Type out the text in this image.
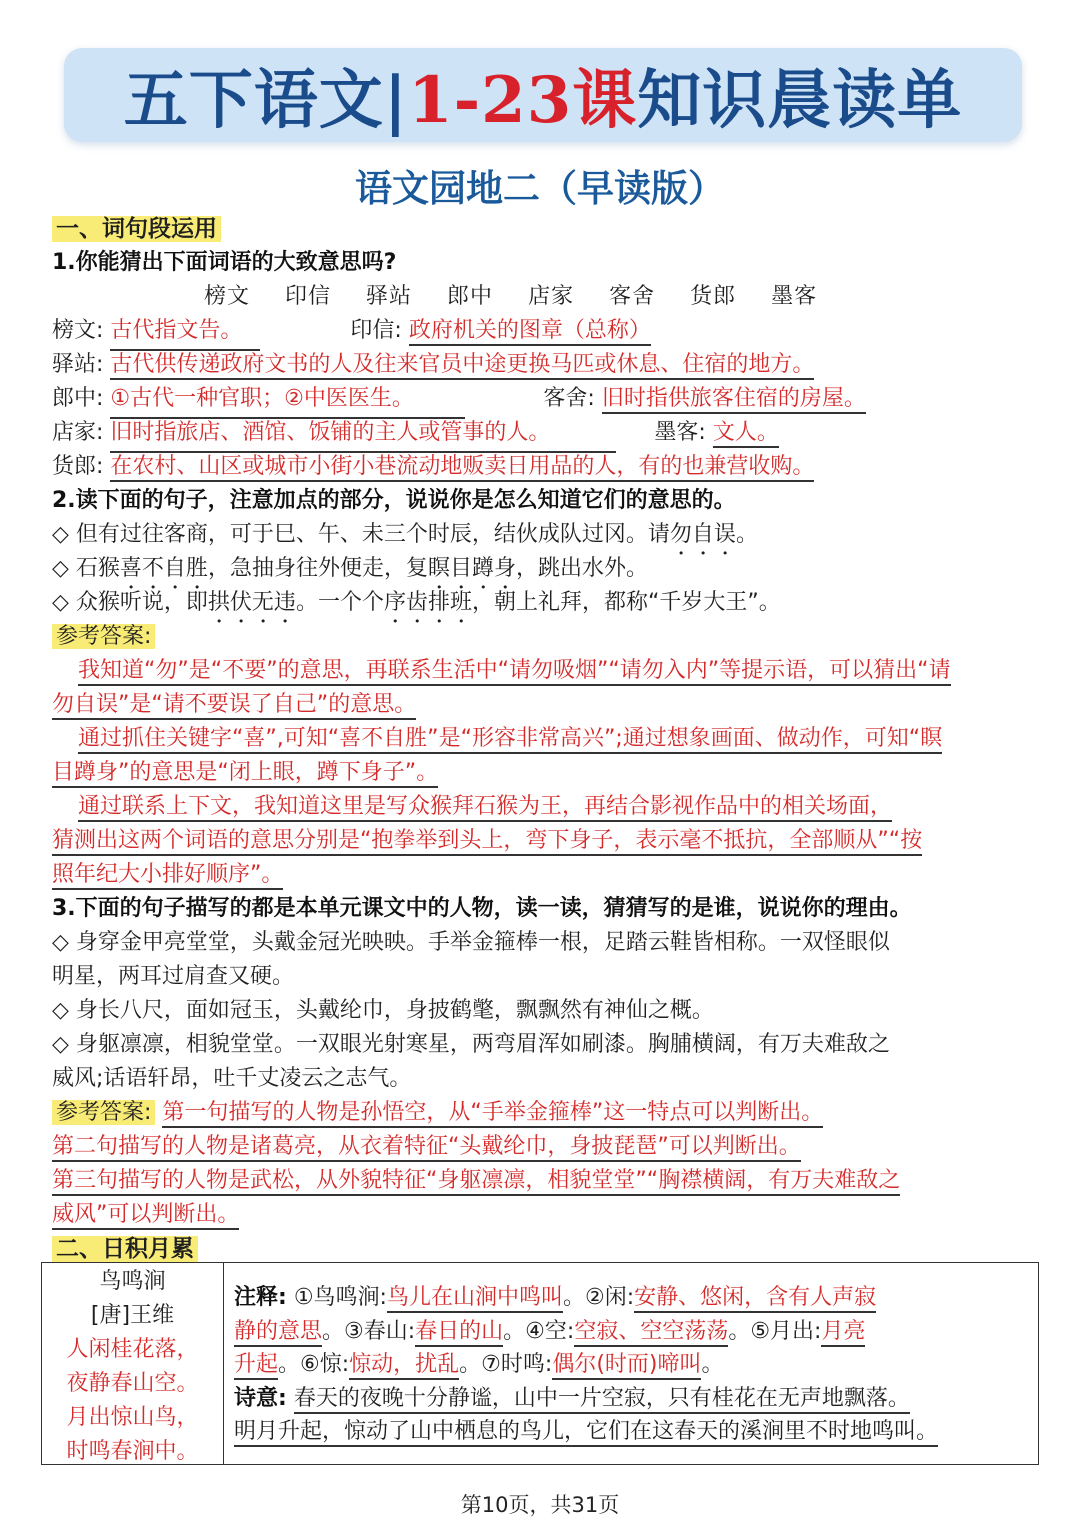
五下语文| 1-23课 知识晨读单
语文园地二（早读版）
一、词句段运用
1.你能猜出下面词语的大致意思吗?
榜文 印信 驿站 郎中 店家 客舍 货郎 墨客
榜文: 古代指文告。	印信: 政府机关的图章（总称）
驿站: 古代供传递政府文书的人及往来官员中途更换马匹或休息、住宿的地方。
郎中: ①古代一种官职；②中医医生。	客舍: 旧时指供旅客住宿的房屋。
店家: 旧时指旅店、酒馆、饭铺的主人或管事的人。	墨客: 文人。
货郎: 在农村、山区或城市小街小巷流动地贩卖日用品的人，有的也兼营收购。
2.读下面的句子，注意加点的部分，说说你是怎么知道它们的意思的。
◇ 但有过往客商，可于巳、午、未三个时辰，结伙成队过冈。请勿自误。
◇ 石猴喜不自胜，急抽身往外便走，复瞑目蹲身，跳出水外。
◇ 众猴听说，即拱伏无违。一个个序齿排班，朝上礼拜，都称“千岁大王”。
参考答案:
我知道“勿”是“不要”的意思，再联系生活中“请勿吸烟”“请勿入内”等提示语，可以猜出“请
勿自误”是“请不要误了自己”的意思。
通过抓住关键字“喜”,可知“喜不自胜”是“形容非常高兴”;通过想象画面、做动作，可知“瞑
目蹲身”的意思是“闭上眼，蹲下身子”。
通过联系上下文，我知道这里是写众猴拜石猴为王，再结合影视作品中的相关场面，
猜测出这两个词语的意思分别是“抱拳举到头上，弯下身子，表示毫不抵抗，全部顺从”“按
照年纪大小排好顺序”。
3.下面的句子描写的都是本单元课文中的人物，读一读，猜猜写的是谁，说说你的理由。
◇ 身穿金甲亮堂堂，头戴金冠光映映。手举金箍棒一根，足踏云鞋皆相称。一双怪眼似
明星，两耳过肩查又硬。
◇ 身长八尺，面如冠玉，头戴纶巾，身披鹤氅，飘飘然有神仙之概。
◇ 身躯凛凛，相貌堂堂。一双眼光射寒星，两弯眉浑如刷漆。胸脯横阔，有万夫难敌之
威风;话语轩昂，吐千丈凌云之志气。
参考答案: 第一句描写的人物是孙悟空，从“手举金箍棒”这一特点可以判断出。
第二句描写的人物是诸葛亮，从衣着特征“头戴纶巾，身披琵琶”可以判断出。
第三句描写的人物是武松，从外貌特征“身躯凛凛，相貌堂堂”“胸襟横阔，有万夫难敌之
威风”可以判断出。
二、日积月累
鸟鸣涧
[唐]王维
人闲桂花落，
夜静春山空。
月出惊山鸟，
时鸣春涧中。
注释: ①鸟鸣涧:鸟儿在山涧中鸣叫。②闲:安静、悠闲，含有人声寂
静的意思。③春山:春日的山。④空:空寂、空空荡荡。⑤月出:月亮
升起。⑥惊:惊动，扰乱。⑦时鸣:偶尔(时而)啼叫。
诗意: 春天的夜晚十分静谧，山中一片空寂，只有桂花在无声地飘落。
明月升起，惊动了山中栖息的鸟儿，它们在这春天的溪涧里不时地鸣叫。
第10页，共31页
